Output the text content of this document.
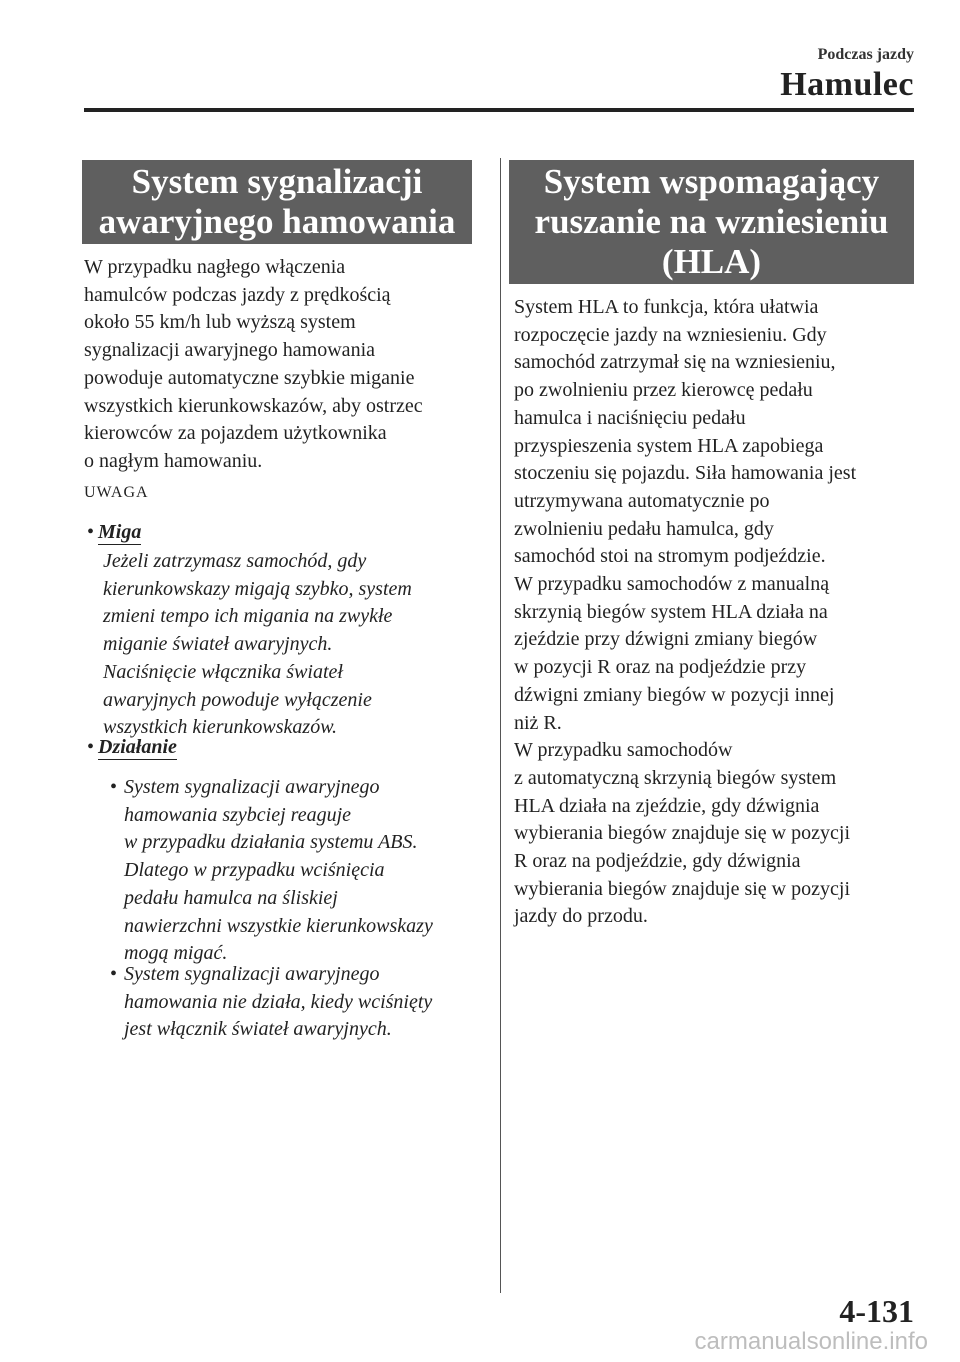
Podczas jazdy
Hamulec
System sygnalizacji
awaryjnego hamowania
W przypadku nagłego włączenia
hamulców podczas jazdy z prędkością
około 55 km/h lub wyższą system
sygnalizacji awaryjnego hamowania
powoduje automatyczne szybkie miganie
wszystkich kierunkowskazów, aby ostrzec
kierowców za pojazdem użytkownika
o nagłym hamowaniu.
UWAGA
• Miga
Jeżeli zatrzymasz samochód, gdy
kierunkowskazy migają szybko, system
zmieni tempo ich migania na zwykłe
miganie świateł awaryjnych.
Naciśnięcie włącznika świateł
awaryjnych powoduje wyłączenie
wszystkich kierunkowskazów.
• Działanie
• System sygnalizacji awaryjnego
hamowania szybciej reaguje
w przypadku działania systemu ABS.
Dlatego w przypadku wciśnięcia
pedału hamulca na śliskiej
nawierzchni wszystkie kierunkowskazy
mogą migać.
• System sygnalizacji awaryjnego
hamowania nie działa, kiedy wciśnięty
jest włącznik świateł awaryjnych.
System wspomagający
ruszanie na wzniesieniu
(HLA)
System HLA to funkcja, która ułatwia
rozpoczęcie jazdy na wzniesieniu. Gdy
samochód zatrzymał się na wzniesieniu,
po zwolnieniu przez kierowcę pedału
hamulca i naciśnięciu pedału
przyspieszenia system HLA zapobiega
stoczeniu się pojazdu. Siła hamowania jest
utrzymywana automatycznie po
zwolnieniu pedału hamulca, gdy
samochód stoi na stromym podjeździe.
W przypadku samochodów z manualną
skrzynią biegów system HLA działa na
zjeździe przy dźwigni zmiany biegów
w pozycji R oraz na podjeździe przy
dźwigni zmiany biegów w pozycji innej
niż R.
W przypadku samochodów
z automatyczną skrzynią biegów system
HLA działa na zjeździe, gdy dźwignia
wybierania biegów znajduje się w pozycji
R oraz na podjeździe, gdy dźwignia
wybierania biegów znajduje się w pozycji
jazdy do przodu.
4-131
carmanualsonline.info
